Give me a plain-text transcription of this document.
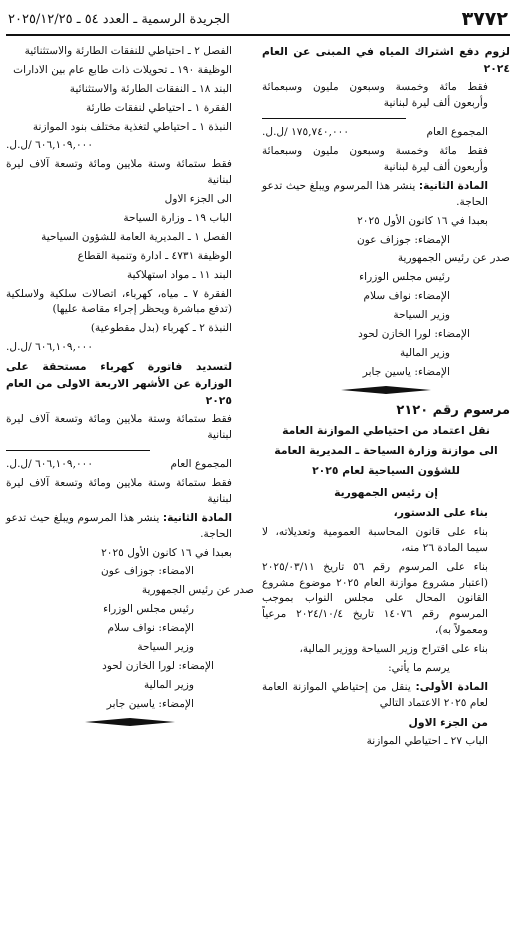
٣٧٧٢
الجريدة الرسمية ـ العدد ٥٤ ـ ٢٠٢٥/١٢/٢٥

لزوم دفع اشتراك المياه في المبنى عن العام ٢٠٢٤

فقط مائة وخمسة وسبعون مليون وسبعمائة وأربعون ألف ليرة لبنانية

المجموع العام
١٧٥,٧٤٠,٠٠٠ /ل.ل.

فقط مائة وخمسة وسبعون مليون وسبعمائة وأربعون ألف ليرة لبنانية

المادة الثانية: ينشر هذا المرسوم ويبلغ حيث تدعو الحاجة.

بعبدا في ١٦ كانون الأول ٢٠٢٥

الإمضاء: جوزاف عون

صدر عن رئيس الجمهورية

رئيس مجلس الوزراء

الإمضاء: نواف سلام

وزير السياحة

الإمضاء: لورا الخازن لحود

وزير المالية

الإمضاء: ياسين جابر

مرسوم رقم ٢١٢٠

نقل اعتماد من احتياطي الموازنة العامة

الى موازنة وزارة السياحة ـ المديرية العامة

للشؤون السياحية لعام ٢٠٢٥

إن رئيس الجمهورية

بناء على الدستور،

بناء على قانون المحاسبة العمومية وتعديلاته، لا سيما المادة ٢٦ منه،

بناء على المرسوم رقم ٥٦ تاريخ ٢٠٢٥/٠٣/١١ (اعتبار مشروع موازنة العام ٢٠٢٥ موضوع مشروع القانون المحال على مجلس النواب بموجب المرسوم رقم ١٤٠٧٦ تاريخ ٢٠٢٤/١٠/٤ مرعياً ومعمولاً به)،

بناء على اقتراح وزير السياحة ووزير المالية،

يرسم ما يأتي:

المادة الأولى: ينقل من إحتياطي الموازنة العامة لعام ٢٠٢٥ الاعتماد التالي

من الجزء الاول

الباب ٢٧ ـ احتياطي الموازنة

الفصل ٢ ـ احتياطي للنفقات الطارئة والاستثنائية

الوظيفة ١٩٠ ـ تحويلات ذات طابع عام بين الادارات

البند ١٨ ـ النفقات الطارئة والاستثنائية

الفقرة ١ ـ احتياطي لنفقات طارئة

النبذة ١ ـ احتياطي لتغذية مختلف بنود الموازنة

٦٠٦,١٠٩,٠٠٠ /ل.ل.

فقط ستمائة وستة ملايين ومائة وتسعة آلاف ليرة لبنانية

الى الجزء الاول

الباب ١٩ ـ وزارة السياحة

الفصل ١ ـ المديرية العامة للشؤون السياحية

الوظيفة ٤٧٣١ ـ ادارة وتنمية القطاع

البند ١١ ـ مواد استهلاكية

الفقرة ٧ ـ مياه، كهرباء، اتصالات سلكية ولاسلكية (تدفع مباشرة ويحظر إجراء مقاصة عليها)

النبذة ٢ ـ كهرباء (بدل مقطوعية)

٦٠٦,١٠٩,٠٠٠ /ل.ل.

لتسديد فاتورة كهرباء مستحقة على الوزارة عن الأشهر الاربعة الاولى من العام ٢٠٢٥

فقط ستمائة وستة ملايين ومائة وتسعة آلاف ليرة لبنانية

المجموع العام
٦٠٦,١٠٩,٠٠٠ /ل.ل.

فقط ستمائة وستة ملايين ومائة وتسعة آلاف ليرة لبنانية

المادة الثانية: ينشر هذا المرسوم ويبلغ حيث تدعو الحاجة.

بعبدا في ١٦ كانون الأول ٢٠٢٥

الامضاء: جوزاف عون

صدر عن رئيس الجمهورية

رئيس مجلس الوزراء

الإمضاء: نواف سلام

وزير السياحة

الإمضاء: لورا الخازن لحود

وزير المالية

الإمضاء: ياسين جابر
